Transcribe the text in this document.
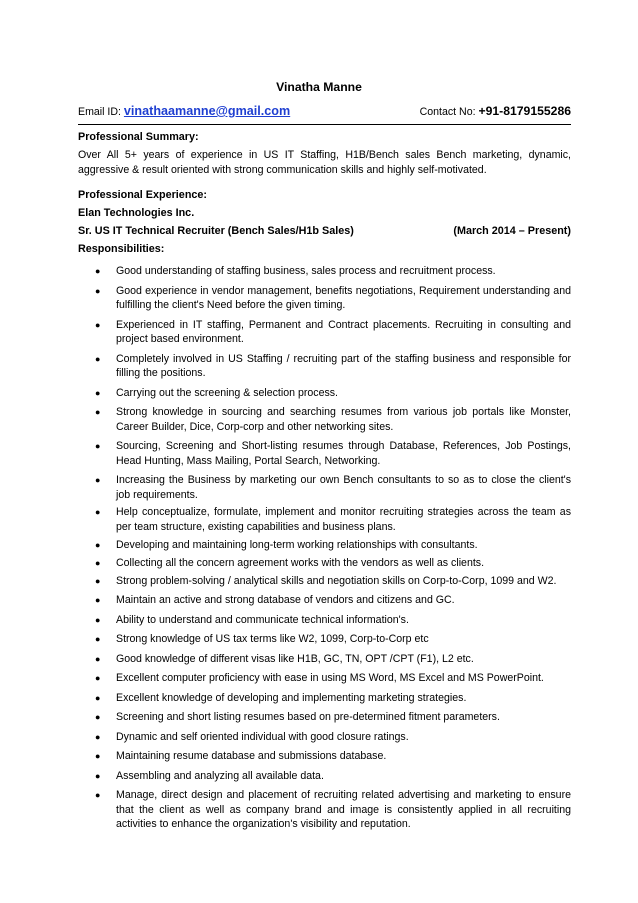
Vinatha Manne
Email ID: vinathaamanne@gmail.com	Contact No: +91-8179155286
Professional Summary:
Over All 5+ years of experience in US IT Staffing, H1B/Bench sales Bench marketing, dynamic, aggressive & result oriented with strong communication skills and highly self-motivated.
Professional Experience:
Elan Technologies Inc.
Sr. US IT Technical Recruiter (Bench Sales/H1b Sales)	(March 2014 – Present)
Responsibilities:
● Good understanding of staffing business, sales process and recruitment process.
● Good experience in vendor management, benefits negotiations, Requirement understanding and fulfilling the client's Need before the given timing.
● Experienced in IT staffing, Permanent and Contract placements. Recruiting in consulting and project based environment.
● Completely involved in US Staffing / recruiting part of the staffing business and responsible for filling the positions.
● Carrying out the screening & selection process.
● Strong knowledge in sourcing and searching resumes from various job portals like Monster, Career Builder, Dice, Corp-corp and other networking sites.
● Sourcing, Screening and Short-listing resumes through Database, References, Job Postings, Head Hunting, Mass Mailing, Portal Search, Networking.
● Increasing the Business by marketing our own Bench consultants to so as to close the client's job requirements.
● Help conceptualize, formulate, implement and monitor recruiting strategies across the team as per team structure, existing capabilities and business plans.
● Developing and maintaining long-term working relationships with consultants.
● Collecting all the concern agreement works with the vendors as well as clients.
● Strong problem-solving / analytical skills and negotiation skills on Corp-to-Corp, 1099 and W2.
● Maintain an active and strong database of vendors and citizens and GC.
● Ability to understand and communicate technical information's.
● Strong knowledge of US tax terms like W2, 1099, Corp-to-Corp etc
● Good knowledge of different visas like H1B, GC, TN, OPT /CPT (F1), L2 etc.
● Excellent computer proficiency with ease in using MS Word, MS Excel and MS PowerPoint.
● Excellent knowledge of developing and implementing marketing strategies.
● Screening and short listing resumes based on pre-determined fitment parameters.
● Dynamic and self oriented individual with good closure ratings.
● Maintaining resume database and submissions database.
● Assembling and analyzing all available data.
● Manage, direct design and placement of recruiting related advertising and marketing to ensure that the client as well as company brand and image is consistently applied in all recruiting activities to enhance the organization's visibility and reputation.
